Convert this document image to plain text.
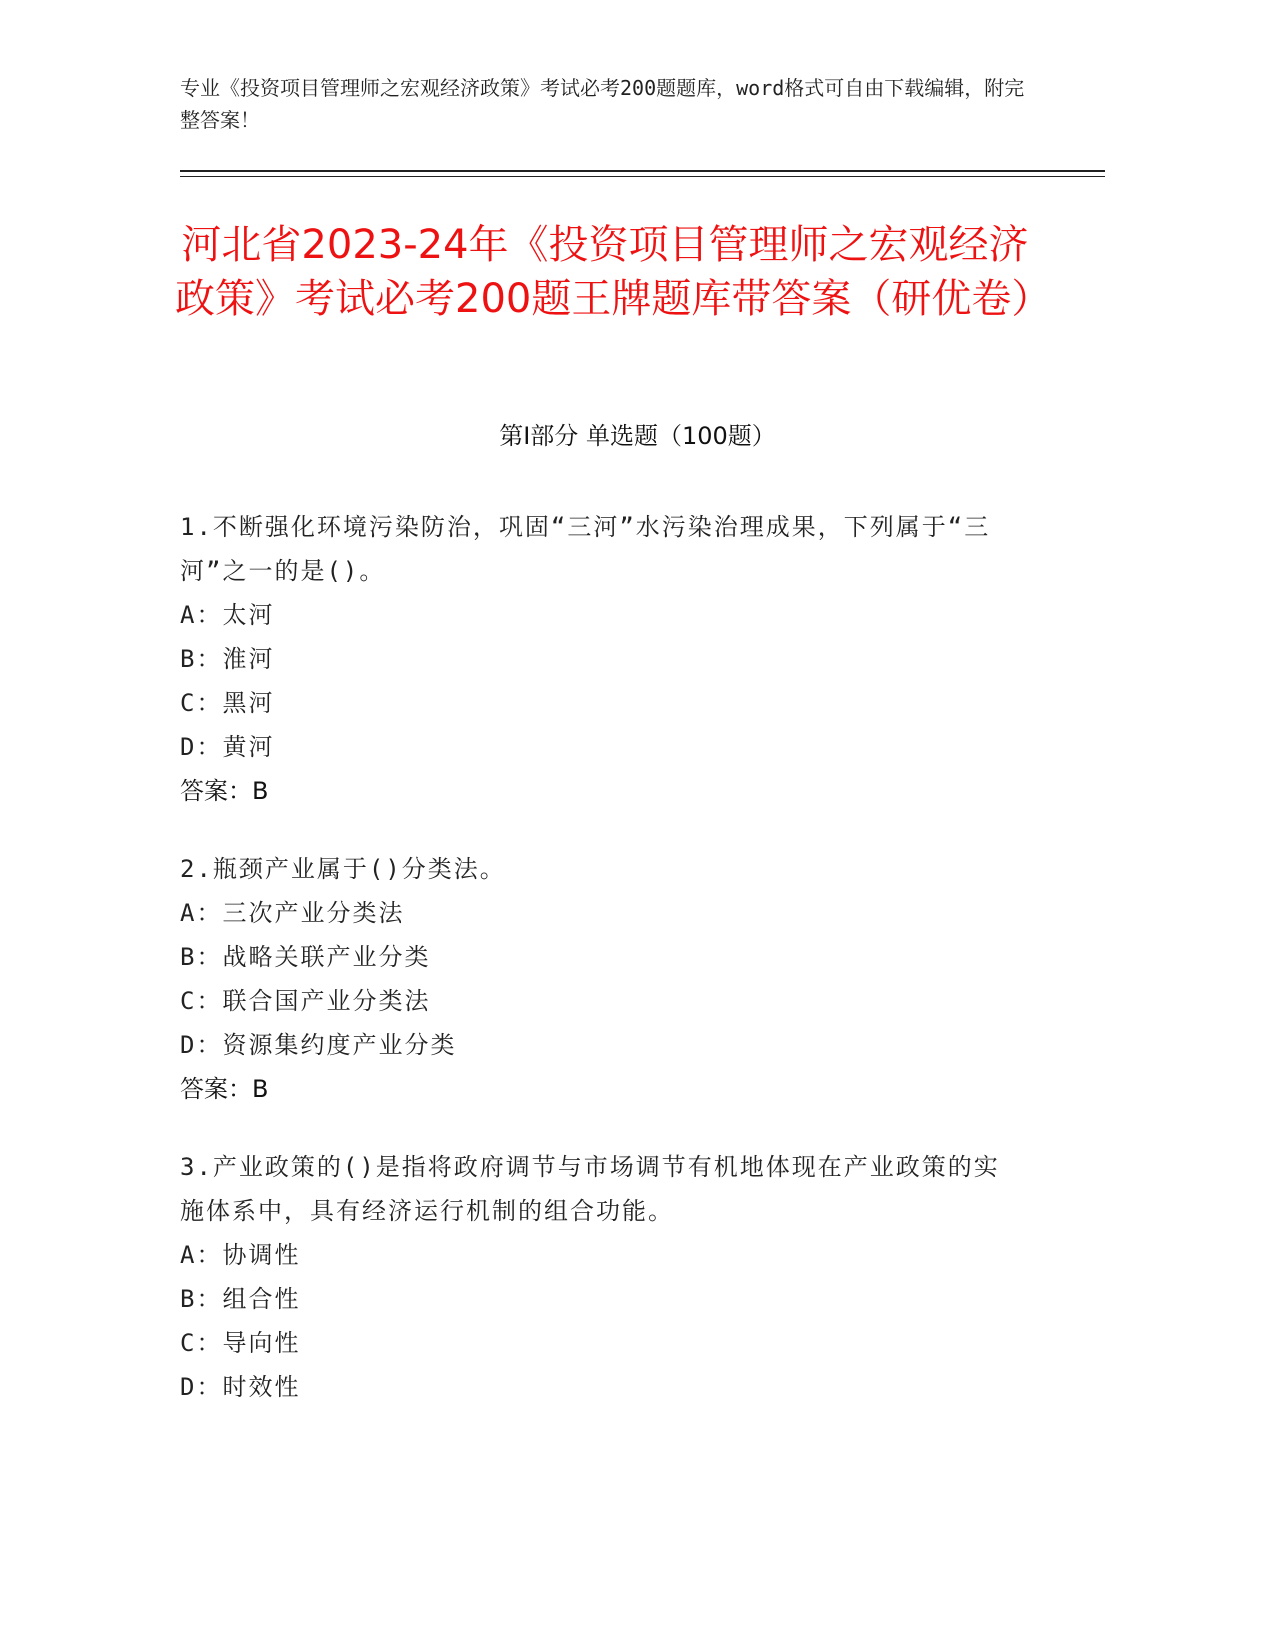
专业《投资项目管理师之宏观经济政策》考试必考200题题库，word格式可自由下载编辑，附完整答案！
河北省2023-24年《投资项目管理师之宏观经济政策》考试必考200题王牌题库带答案（研优卷）
第Ⅰ部分 单选题（100题）
1.不断强化环境污染防治，巩固“三河”水污染治理成果，下列属于“三河”之一的是()。
A：太河
B：淮河
C：黑河
D：黄河
答案：B
2.瓶颈产业属于()分类法。
A：三次产业分类法
B：战略关联产业分类
C：联合国产业分类法
D：资源集约度产业分类
答案：B
3.产业政策的()是指将政府调节与市场调节有机地体现在产业政策的实施体系中，具有经济运行机制的组合功能。
A：协调性
B：组合性
C：导向性
D：时效性
